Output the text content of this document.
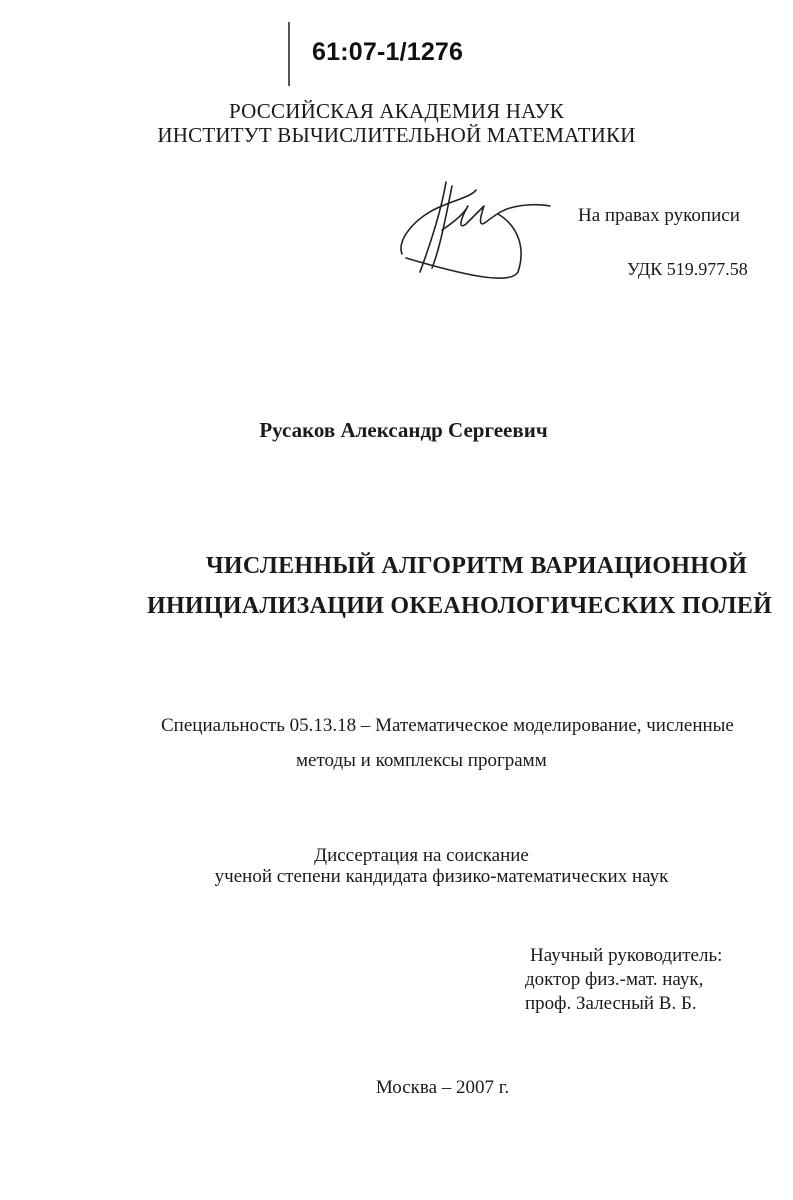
61:07-1/1276
РОССИЙСКАЯ АКАДЕМИЯ НАУК
ИНСТИТУТ ВЫЧИСЛИТЕЛЬНОЙ МАТЕМАТИКИ
На правах рукописи
УДК 519.977.58
Русаков Александр Сергеевич
ЧИСЛЕННЫЙ АЛГОРИТМ ВАРИАЦИОННОЙ
ИНИЦИАЛИЗАЦИИ ОКЕАНОЛОГИЧЕСКИХ ПОЛЕЙ
Специальность 05.13.18 – Математическое моделирование, численные
методы и комплексы программ
Диссертация на соискание
ученой степени кандидата физико-математических наук
Научный руководитель:
доктор физ.-мат. наук,
проф. Залесный В. Б.
Москва – 2007 г.
